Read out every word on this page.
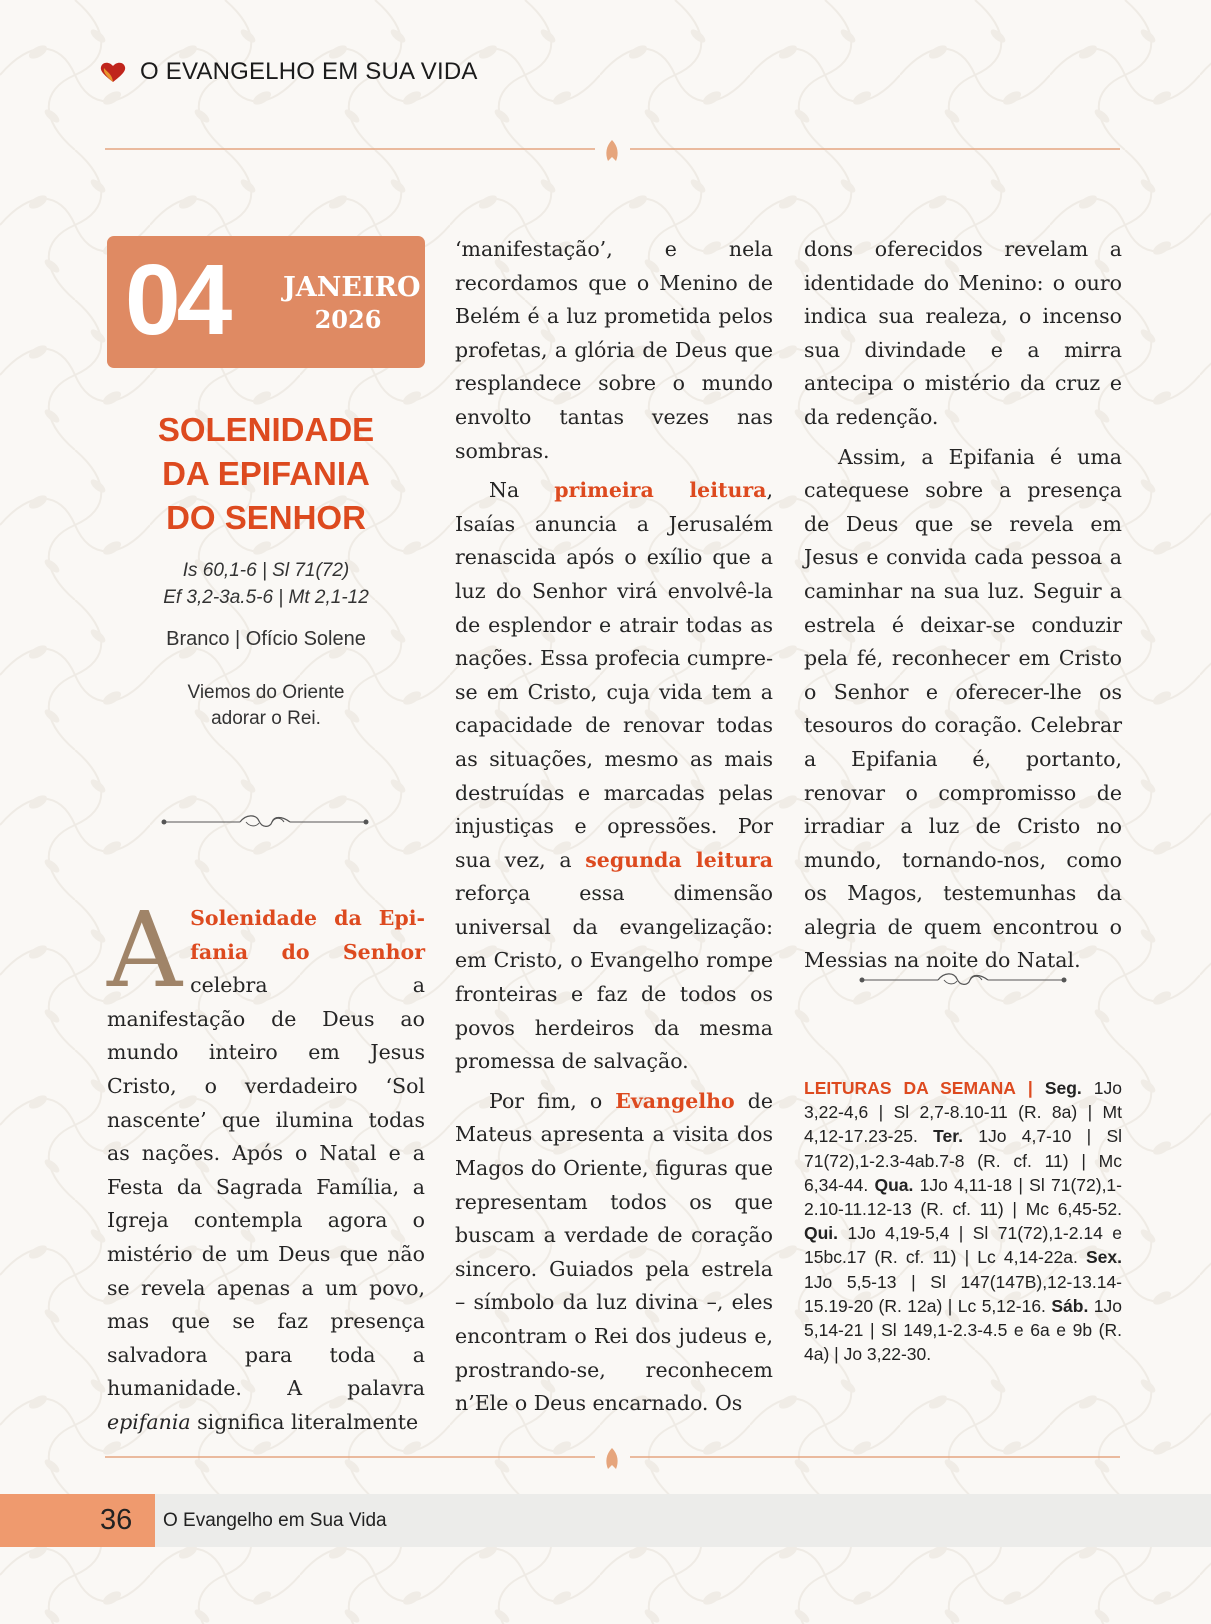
O EVANGELHO EM SUA VIDA
04 JANEIRO
2026
SOLENIDADE
DA EPIFANIA
DO SENHOR
Is 60,1-6 | Sl 71(72)
Ef 3,2-3a.5-6 | Mt 2,1-12
Branco | Ofício Solene
Viemos do Oriente
adorar o Rei.
A Solenidade da Epifania do Senhor celebra a manifestação de Deus ao mundo inteiro em Jesus Cristo, o verdadeiro ‘Sol nascente’ que ilumina todas as nações. Após o Natal e a Festa da Sagrada Família, a Igreja contempla agora o mistério de um Deus que não se revela apenas a um povo, mas que se faz presença salvadora para toda a humanidade. A palavra epifania significa literalmente

‘manifestação’, e nela recordamos que o Menino de Belém é a luz prometida pelos profetas, a glória de Deus que resplandece sobre o mundo envolto tantas vezes nas sombras.

Na primeira leitura, Isaías anuncia a Jerusalém renascida após o exílio que a luz do Senhor virá envolvê-la de esplendor e atrair todas as nações. Essa profecia cumpre-se em Cristo, cuja vida tem a capacidade de renovar todas as situações, mesmo as mais destruídas e marcadas pelas injustiças e opressões. Por sua vez, a segunda leitura reforça essa dimensão universal da evangelização: em Cristo, o Evangelho rompe fronteiras e faz de todos os povos herdeiros da mesma promessa de salvação.

Por fim, o Evangelho de Mateus apresenta a visita dos Magos do Oriente, figuras que representam todos os que buscam a verdade de coração sincero. Guiados pela estrela – símbolo da luz divina –, eles encontram o Rei dos judeus e, prostrando-se, reconhecem n’Ele o Deus encarnado. Os

dons oferecidos revelam a identidade do Menino: o ouro indica sua realeza, o incenso sua divindade e a mirra antecipa o mistério da cruz e da redenção.

Assim, a Epifania é uma catequese sobre a presença de Deus que se revela em Jesus e convida cada pessoa a caminhar na sua luz. Seguir a estrela é deixar-se conduzir pela fé, reconhecer em Cristo o Senhor e oferecer-lhe os tesouros do coração. Celebrar a Epifania é, portanto, renovar o compromisso de irradiar a luz de Cristo no mundo, tornando-nos, como os Magos, testemunhas da alegria de quem encontrou o Messias na noite do Natal.

LEITURAS DA SEMANA | Seg. 1Jo 3,22-4,6 | Sl 2,7-8.10-11 (R. 8a) | Mt 4,12-17.23-25. Ter. 1Jo 4,7-10 | Sl 71(72),1-2.3-4ab.7-8 (R. cf. 11) | Mc 6,34-44. Qua. 1Jo 4,11-18 | Sl 71(72),1-2.10-11.12-13 (R. cf. 11) | Mc 6,45-52. Qui. 1Jo 4,19-5,4 | Sl 71(72),1-2.14 e 15bc.17 (R. cf. 11) | Lc 4,14-22a. Sex. 1Jo 5,5-13 | Sl 147(147B),12-13.14-15.19-20 (R. 12a) | Lc 5,12-16. Sáb. 1Jo 5,14-21 | Sl 149,1-2.3-4.5 e 6a e 9b (R. 4a) | Jo 3,22-30.
36 O Evangelho em Sua Vida
